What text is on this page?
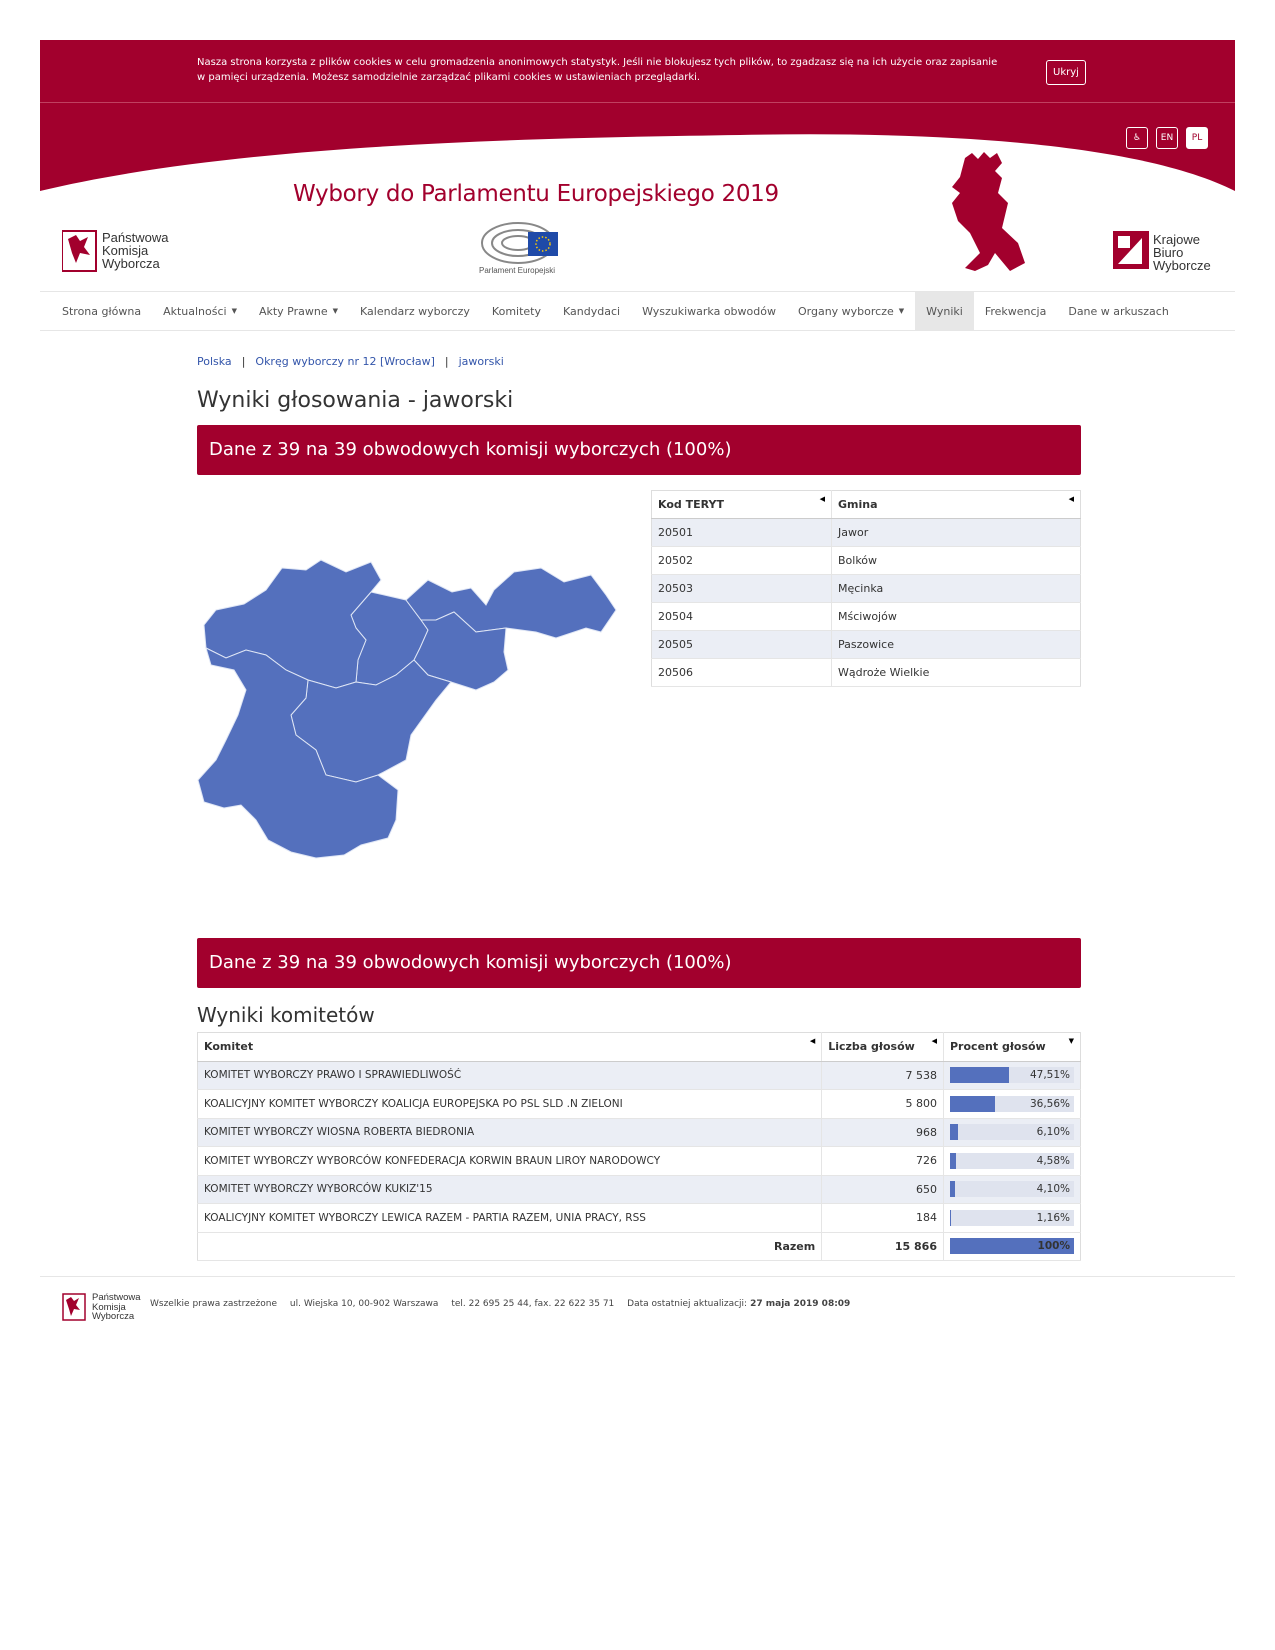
Nasza strona korzysta z plików cookies w celu gromadzenia anonimowych statystyk. Jeśli nie blokujesz tych plików, to zgadzasz się na ich użycie oraz zapisanie w pamięci urządzenia. Możesz samodzielnie zarządzać plikami cookies w ustawieniach przeglądarki.	Ukryj
♿	EN	PL
Wybory do Parlamentu Europejskiego 2019
Państwowa
Komisja
Wyborcza	Parlament Europejski
Krajowe
Biuro
Wyborcze
Strona główna Aktualności ▼ Akty Prawne ▼ Kalendarz wyborczy Komitety Kandydaci Wyszukiwarka obwodów Organy wyborcze ▼ Wyniki Frekwencja Dane w arkuszach
Polska | Okręg wyborczy nr 12 [Wrocław] | jaworski
Wyniki głosowania - jaworski
Dane z 39 na 39 obwodowych komisji wyborczych (100%)
Kod TERYT ◀	Gmina ◀

20501	Jawor
20502	Bolków
20503	Męcinka
20504	Mściwojów
20505	Paszowice
20506	Wądroże Wielkie
Dane z 39 na 39 obwodowych komisji wyborczych (100%)
Wyniki komitetów
Komitet ◀	Liczba głosów ◀	Procent głosów ▼

KOMITET WYBORCZY PRAWO I SPRAWIEDLIWOŚĆ	7 538	47,51%

KOALICYJNY KOMITET WYBORCZY KOALICJA EUROPEJSKA PO PSL SLD .N ZIELONI	5 800	36,56%

KOMITET WYBORCZY WIOSNA ROBERTA BIEDRONIA	968	6,10%

KOMITET WYBORCZY WYBORCÓW KONFEDERACJA KORWIN BRAUN LIROY NARODOWCY	726	4,58%

KOMITET WYBORCZY WYBORCÓW KUKIZ'15	650	4,10%

KOALICYJNY KOMITET WYBORCZY LEWICA RAZEM - PARTIA RAZEM, UNIA PRACY, RSS	184	1,16%

Razem	15 866	100%
Państwowa
Komisja
Wyborcza
Wszelkie prawa zastrzeżone ul. Wiejska 10, 00-902 Warszawa tel. 22 695 25 44, fax. 22 622 35 71 Data ostatniej aktualizacji: 27 maja 2019 08:09
